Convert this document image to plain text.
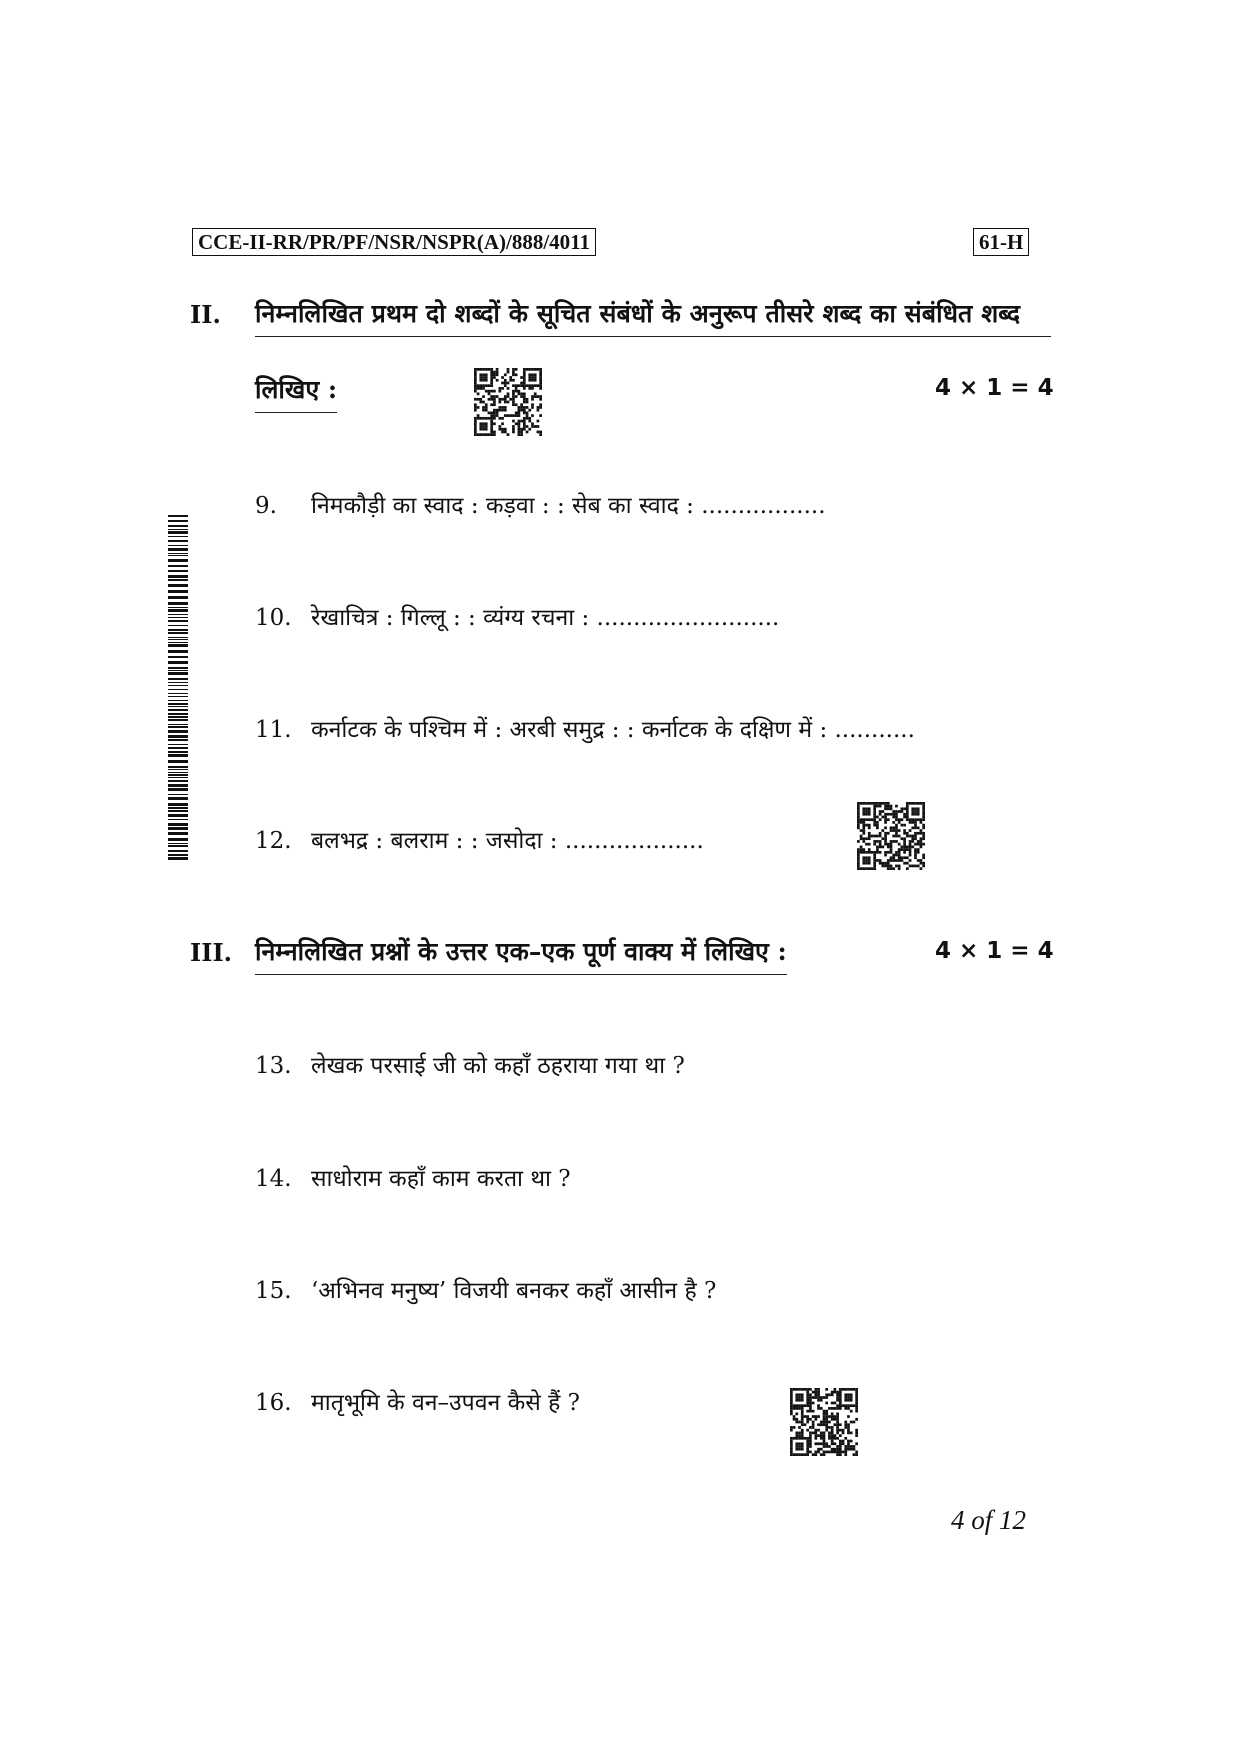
CCE-II-RR/PR/PF/NSR/NSPR(A)/888/4011	61-H
II. निम्नलिखित प्रथम दो शब्दों के सूचित संबंधों के अनुरूप तीसरे शब्द का संबंधित शब्द
लिखिए :	4 × 1 = 4
9.	निमकौड़ी का स्वाद : कड़वा : : सेब का स्वाद : .................
10. रेखाचित्र : गिल्लू : : व्यंग्य रचना : .........................
11. कर्नाटक के पश्चिम में : अरबी समुद्र : : कर्नाटक के दक्षिण में : ...........
12. बलभद्र : बलराम : : जसोदा : ...................
III. निम्नलिखित प्रश्नों के उत्तर एक–एक पूर्ण वाक्य में लिखिए :	4 × 1 = 4
13. लेखक परसाई जी को कहाँ ठहराया गया था ?
14. साधोराम कहाँ काम करता था ?
15. ‘अभिनव मनुष्य’ विजयी बनकर कहाँ आसीन है ?
16. मातृभूमि के वन–उपवन कैसे हैं ?
4 of 12
